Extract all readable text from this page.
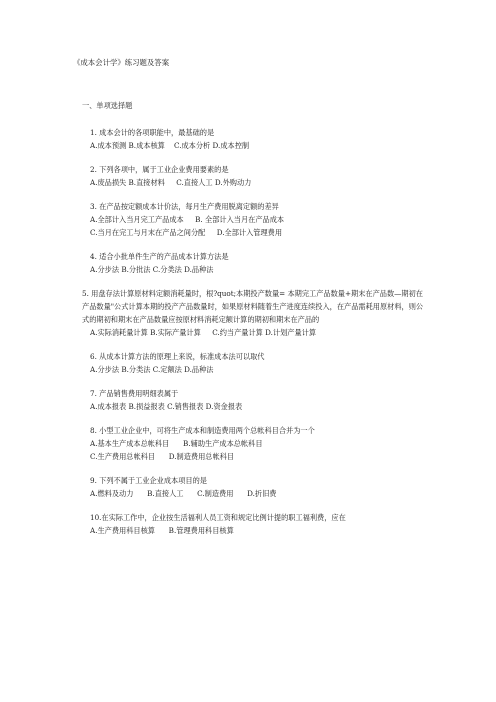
《成本会计学》练习题及答案
一、单项选择题
1. 成本会计的各项职能中，最基础的是
A.成本预测 B.成本核算    C.成本分析 D.成本控制
2. 下列各项中，属于工业企业费用要素的是
A.废品损失 B.直接材料     C.直接人工 D.外购动力
3. 在产品按定额成本计价法，每月生产费用脱离定额的差异
A.全部计入当月完工产品成本     B. 全部计入当月在产品成本
C.当月在完工与月末在产品之间分配     D.全部计入管理费用
4. 适合小批单件生产的产品成本计算方法是
A.分步法 B.分批法 C.分类法 D.品种法
5. 用盘存法计算原材料定额消耗量时，根?quot;本期投产数量= 本期完工产品数量+期末在产品数—期初在产品数量"公式计算本期的投产产品数量时，如果原材料随着生产进度连续投入，在产品需耗用原材料，则公式的期初和期末在产品数量应按原材料消耗定额计算的期初和期末在产品的
A.实际消耗量计算 B.实际产量计算     C.约当产量计算 D.计划产量计算
6. 从成本计算方法的原理上来说，标准成本法可以取代
A.分步法 B.分类法 C.定额法 D.品种法
7. 产品销售费用明细表属于
A.成本报表 B.损益报表 C.销售报表 D.资金报表
8. 小型工业企业中，可将生产成本和制造费用两个总帐科目合并为一个
A.基本生产成本总帐科目      B.辅助生产成本总帐科目
C.生产费用总帐科目      D.制造费用总帐科目
9. 下列不属于工业企业成本项目的是
A.燃料及动力      B.直接人工      C.制造费用      D.折旧费
10.在实际工作中，企业按生活福利人员工资和规定比例计提的职工福利费，应在
A.生产费用科目核算      B.管理费用科目核算
